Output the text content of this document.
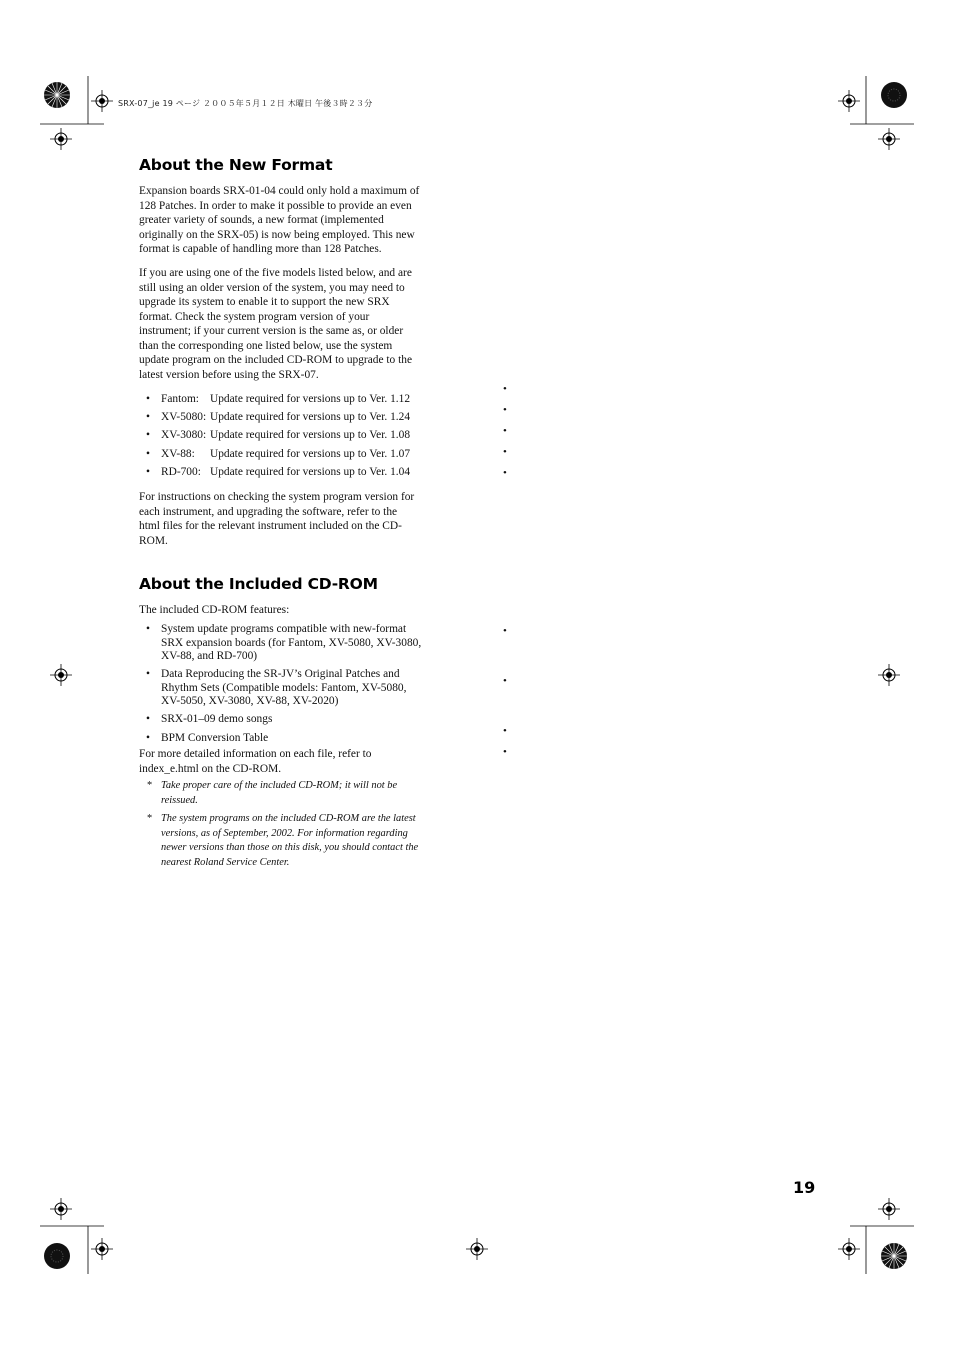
SRX-07_je 19 ページ ２００５年５月１２日 木曜日 午後３時２３分
About the New Format

Expansion boards SRX-01-04 could only hold a maximum of
128 Patches. In order to make it possible to provide an even
greater variety of sounds, a new format (implemented
originally on the SRX-05) is now being employed. This new
format is capable of handling more than 128 Patches.

If you are using one of the five models listed below, and are
still using an older version of the system, you may need to
upgrade its system to enable it to support the new SRX
format. Check the system program version of your
instrument; if your current version is the same as, or older
than the corresponding one listed below, use the system
update program on the included CD-ROM to upgrade to the
latest version before using the SRX-07.

• Fantom: Update required for versions up to Ver. 1.12
• XV-5080: Update required for versions up to Ver. 1.24
• XV-3080: Update required for versions up to Ver. 1.08
• XV-88: Update required for versions up to Ver. 1.07
• RD-700: Update required for versions up to Ver. 1.04

For instructions on checking the system program version for
each instrument, and upgrading the software, refer to the
html files for the relevant instrument included on the CD-
ROM.

About the Included CD-ROM

The included CD-ROM features:

• System update programs compatible with new-format
SRX expansion boards (for Fantom, XV-5080, XV-3080,
XV-88, and RD-700)
• Data Reproducing the SR-JV’s Original Patches and
Rhythm Sets (Compatible models: Fantom, XV-5080,
XV-5050, XV-3080, XV-88, XV-2020)
• SRX-01–09 demo songs
• BPM Conversion Table

For more detailed information on each file, refer to
index_e.html on the CD-ROM.

* Take proper care of the included CD-ROM; it will not be
reissued.
* The system programs on the included CD-ROM are the latest
versions, as of September, 2002. For information regarding
newer versions than those on this disk, you should contact the
nearest Roland Service Center.
•
•
•
•
•
•
•
•
•
19
